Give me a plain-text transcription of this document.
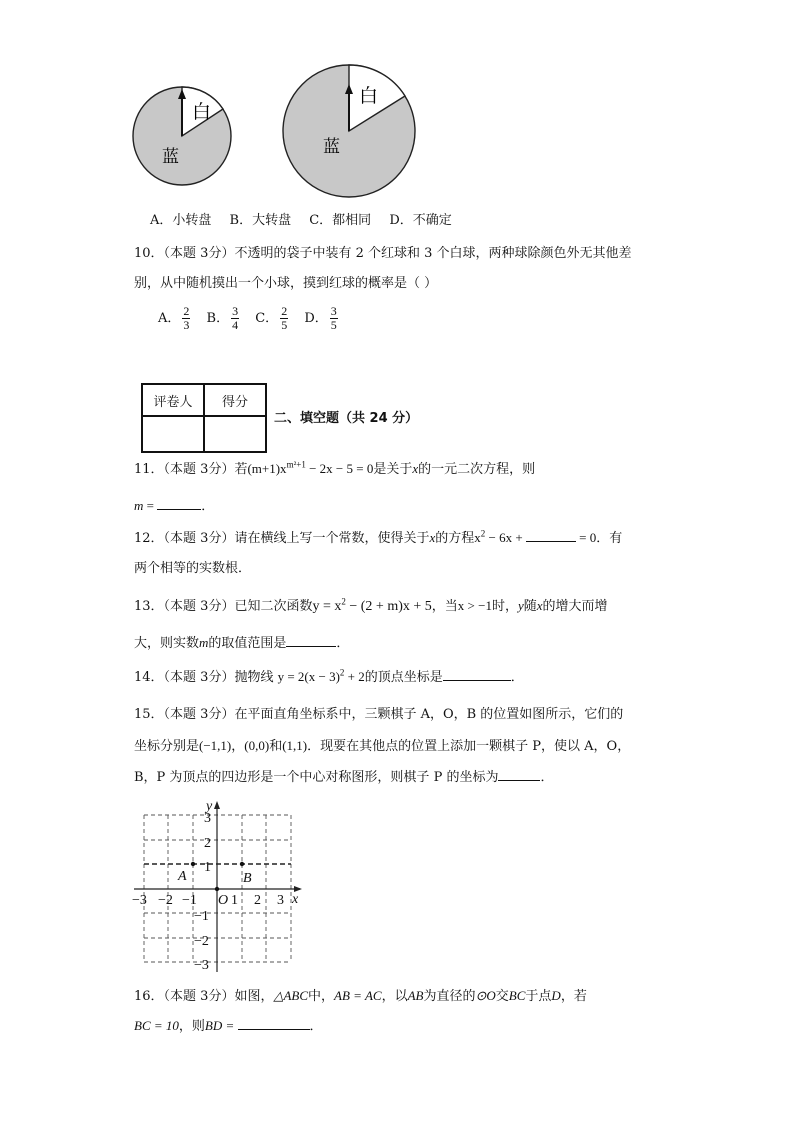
白
蓝
白
蓝
A．小转盘 B．大转盘 C．都相同 D．不确定
10．（本题 3分）不透明的袋子中装有 2 个红球和 3 个白球，两种球除颜色外无其他差
别，从中随机摸出一个小球，摸到红球的概率是（ ）
A． $\frac{2}{3}$ B． $\frac{3}{4}$ C． $\frac{2}{5}$ D． $\frac{3}{5}$
评卷人	得分

二、填空题（共 24 分）
11．（本题 3分）若$(m+1)x^{m^2+1} - 2x - 5 = 0$是关于x的一元二次方程，则
m =	．
12．（本题 3分）请在横线上写一个常数，使得关于x的方程$x^2 - 6x$ +	= 0．有
两个相等的实数根．
13．（本题 3分）已知二次函数$y = x^2 - (2 + m)x + 5$，当x > −1时，y随x的增大而增
大，则实数m的取值范围是	．
14．（本题 3分）抛物线 $y = 2(x - 3)^2 + 2$的顶点坐标是	．
15．（本题 3分）在平面直角坐标系中，三颗棋子 A，O，B 的位置如图所示，它们的
坐标分别是(−1,1)，(0,0)和(1,1)．现要在其他点的位置上添加一颗棋子 P，使以 A，O，
B，P 为顶点的四边形是一个中心对称图形，则棋子 P 的坐标为	．
y
x
3
2
1
−1
−2
−3
−3 −2 −1 O 1 2 3
A	B
16．（本题 3分）如图，△ABC中，AB = AC，以AB为直径的⊙O交BC于点D，若
BC = 10，则BD =	．
